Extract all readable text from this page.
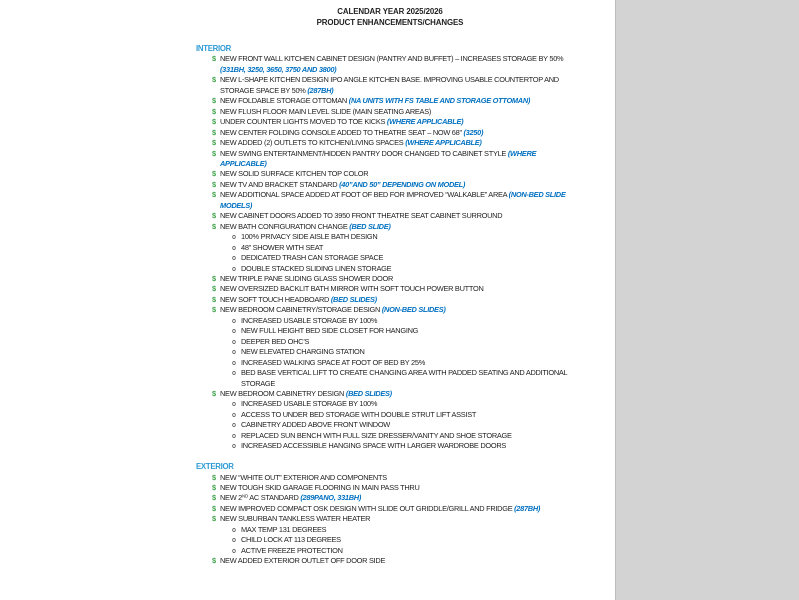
CALENDAR YEAR 2025/2026
PRODUCT ENHANCEMENTS/CHANGES
INTERIOR
$ NEW FRONT WALL KITCHEN CABINET DESIGN (PANTRY AND BUFFET) – INCREASES STORAGE BY 50% (331BH, 3250, 3650, 3750 AND 3800)
$ NEW L-SHAPE KITCHEN DESIGN IPO ANGLE KITCHEN BASE. IMPROVING USABLE COUNTERTOP AND STORAGE SPACE BY 50% (287BH)
$ NEW FOLDABLE STORAGE OTTOMAN (NA UNITS WITH FS TABLE AND STORAGE OTTOMAN)
$ NEW FLUSH FLOOR MAIN LEVEL SLIDE (MAIN SEATING AREAS)
$ UNDER COUNTER LIGHTS MOVED TO TOE KICKS (WHERE APPLICABLE)
$ NEW CENTER FOLDING CONSOLE ADDED TO THEATRE SEAT – NOW 68” (3250)
$ NEW ADDED (2) OUTLETS TO KITCHEN/LIVING SPACES (WHERE APPLICABLE)
$ NEW SWING ENTERTAINMENT/HIDDEN PANTRY DOOR CHANGED TO CABINET STYLE (WHERE APPLICABLE)
$ NEW SOLID SURFACE KITCHEN TOP COLOR
$ NEW TV AND BRACKET STANDARD (40”AND 50” DEPENDING ON MODEL)
$ NEW ADDITIONAL SPACE ADDED AT FOOT OF BED FOR IMPROVED “WALKABLE” AREA (NON-BED SLIDE MODELS)
$ NEW CABINET DOORS ADDED TO 3950 FRONT THEATRE SEAT CABINET SURROUND
$ NEW BATH CONFIGURATION CHANGE (BED SLIDE)
o 100% PRIVACY SIDE AISLE BATH DESIGN
o 48” SHOWER WITH SEAT
o DEDICATED TRASH CAN STORAGE SPACE
o DOUBLE STACKED SLIDING LINEN STORAGE
$ NEW TRIPLE PANE SLIDING GLASS SHOWER DOOR
$ NEW OVERSIZED BACKLIT BATH MIRROR WITH SOFT TOUCH POWER BUTTON
$ NEW SOFT TOUCH HEADBOARD (BED SLIDES)
$ NEW BEDROOM CABINETRY/STORAGE DESIGN (NON-BED SLIDES)
o INCREASED USABLE STORAGE BY 100%
o NEW FULL HEIGHT BED SIDE CLOSET FOR HANGING
o DEEPER BED OHC’S
o NEW ELEVATED CHARGING STATION
o INCREASED WALKING SPACE AT FOOT OF BED BY 25%
o BED BASE VERTICAL LIFT TO CREATE CHANGING AREA WITH PADDED SEATING AND ADDITIONAL STORAGE
$ NEW BEDROOM CABINETRY DESIGN (BED SLIDES)
o INCREASED USABLE STORAGE BY 100%
o ACCESS TO UNDER BED STORAGE WITH DOUBLE STRUT LIFT ASSIST
o CABINETRY ADDED ABOVE FRONT WINDOW
o REPLACED SUN BENCH WITH FULL SIZE DRESSER/VANITY AND SHOE STORAGE
o INCREASED ACCESSIBLE HANGING SPACE WITH LARGER WARDROBE DOORS
EXTERIOR
$ NEW “WHITE OUT” EXTERIOR AND COMPONENTS
$ NEW TOUGH SKID GARAGE FLOORING IN MAIN PASS THRU
$ NEW 2ND AC STANDARD (289PANO, 331BH)
$ NEW IMPROVED COMPACT OSK DESIGN WITH SLIDE OUT GRIDDLE/GRILL AND FRIDGE (287BH)
$ NEW SUBURBAN TANKLESS WATER HEATER
o MAX TEMP 131 DEGREES
o CHILD LOCK AT 113 DEGREES
o ACTIVE FREEZE PROTECTION
$ NEW ADDED EXTERIOR OUTLET OFF DOOR SIDE
